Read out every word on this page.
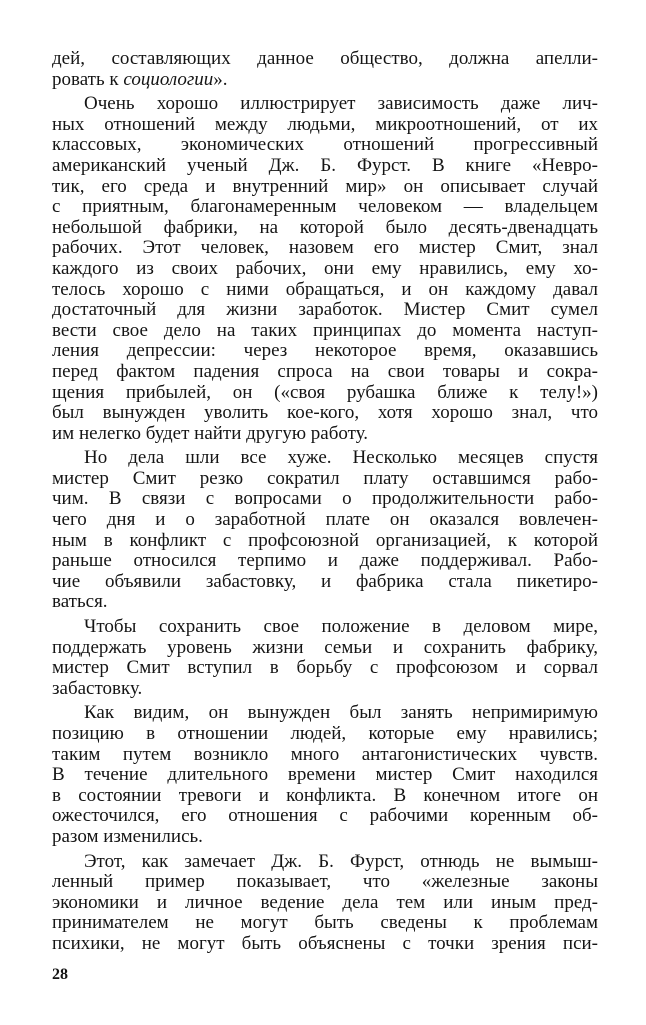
дей, составляющих данное общество, должна апелли-
ровать к социологии».
Очень хорошо иллюстрирует зависимость даже лич-
ных отношений между людьми, микроотношений, от их
классовых, экономических отношений прогрессивный
американский ученый Дж. Б. Фурст. В книге «Невро-
тик, его среда и внутренний мир» он описывает случай
с приятным, благонамеренным человеком — владельцем
небольшой фабрики, на которой было десять-двенадцать
рабочих. Этот человек, назовем его мистер Смит, знал
каждого из своих рабочих, они ему нравились, ему хо-
телось хорошо с ними обращаться, и он каждому давал
достаточный для жизни заработок. Мистер Смит сумел
вести свое дело на таких принципах до момента наступ-
ления депрессии: через некоторое время, оказавшись
перед фактом падения спроса на свои товары и сокра-
щения прибылей, он («своя рубашка ближе к телу!»)
был вынужден уволить кое-кого, хотя хорошо знал, что
им нелегко будет найти другую работу.
Но дела шли все хуже. Несколько месяцев спустя
мистер Смит резко сократил плату оставшимся рабо-
чим. В связи с вопросами о продолжительности рабо-
чего дня и о заработной плате он оказался вовлечен-
ным в конфликт с профсоюзной организацией, к которой
раньше относился терпимо и даже поддерживал. Рабо-
чие объявили забастовку, и фабрика стала пикетиро-
ваться.
Чтобы сохранить свое положение в деловом мире,
поддержать уровень жизни семьи и сохранить фабрику,
мистер Смит вступил в борьбу с профсоюзом и сорвал
забастовку.
Как видим, он вынужден был занять непримиримую
позицию в отношении людей, которые ему нравились;
таким путем возникло много антагонистических чувств.
В течение длительного времени мистер Смит находился
в состоянии тревоги и конфликта. В конечном итоге он
ожесточился, его отношения с рабочими коренным об-
разом изменились.
Этот, как замечает Дж. Б. Фурст, отнюдь не вымыш-
ленный пример показывает, что «железные законы
экономики и личное ведение дела тем или иным пред-
принимателем не могут быть сведены к проблемам
психики, не могут быть объяснены с точки зрения пси-
28
